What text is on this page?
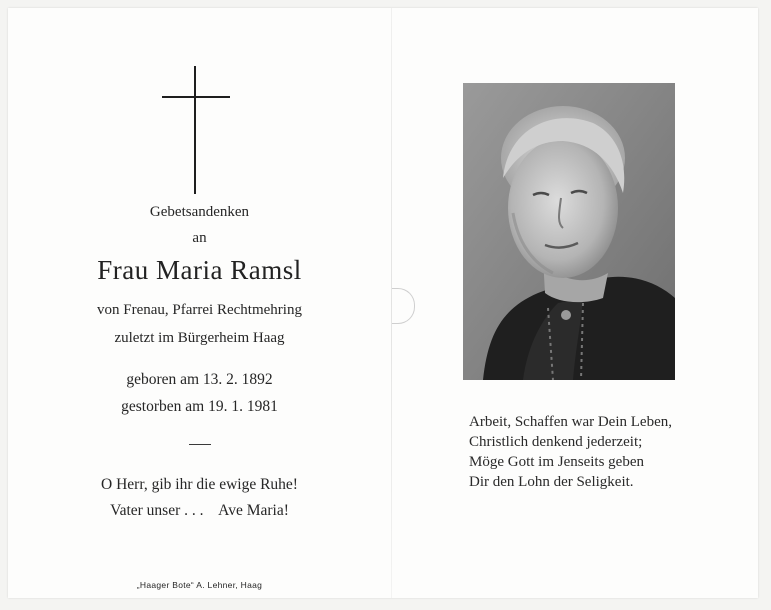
Gebetsandenken
an
Frau Maria Ramsl
von Frenau, Pfarrei Rechtmehring
zuletzt im Bürgerheim Haag
geboren am 13. 2. 1892
gestorben am 19. 1. 1981
O Herr, gib ihr die ewige Ruhe!
Vater unser . . .    Ave Maria!
„Haager Bote“ A. Lehner, Haag
Arbeit, Schaffen war Dein Leben,
Christlich denkend jederzeit;
Möge Gott im Jenseits geben
Dir den Lohn der Seligkeit.
